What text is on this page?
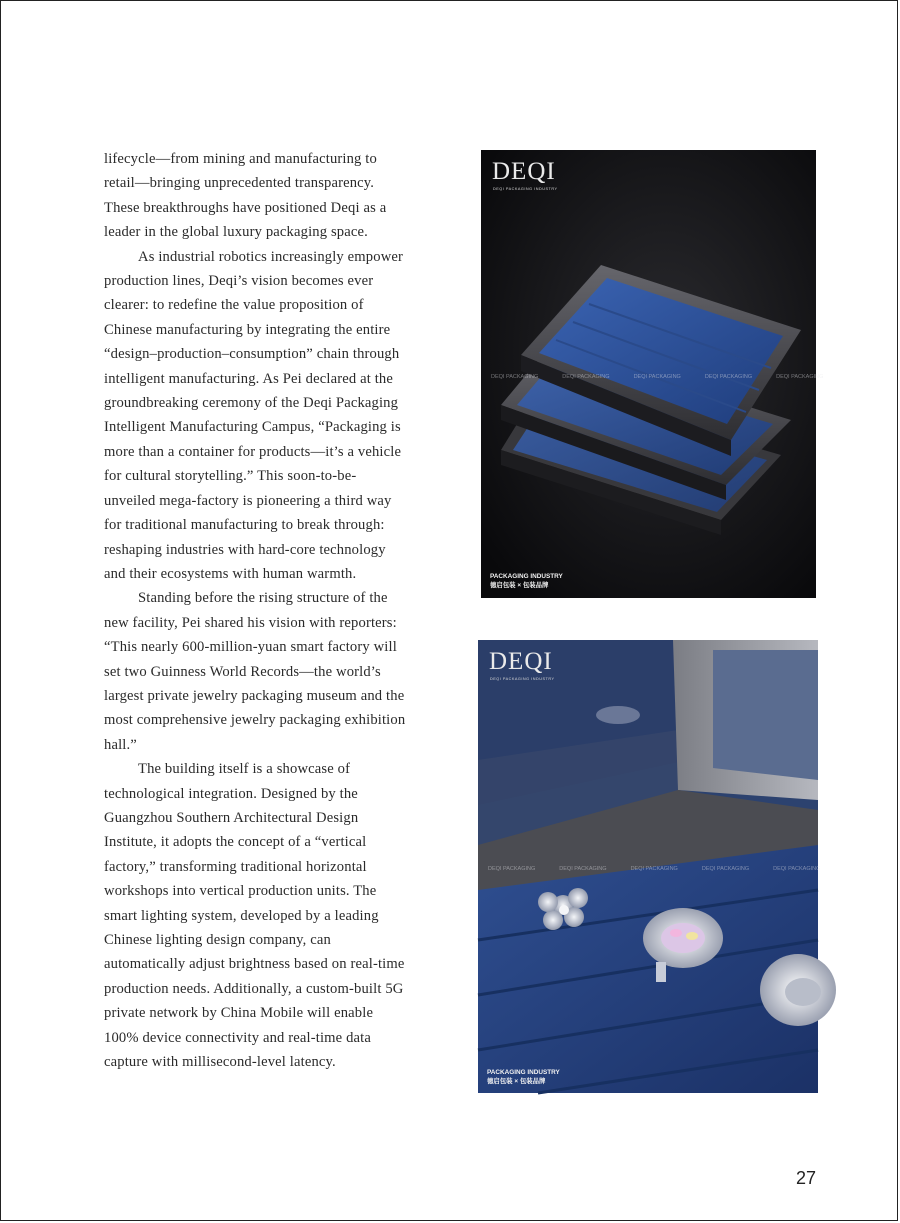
lifecycle—from mining and manufacturing to
retail—bringing unprecedented transparency.
These breakthroughs have positioned Deqi as a
leader in the global luxury packaging space.

As industrial robotics increasingly empower
production lines, Deqi’s vision becomes ever
clearer: to redefine the value proposition of
Chinese manufacturing by integrating the entire
“design–production–consumption” chain through
intelligent manufacturing. As Pei declared at the
groundbreaking ceremony of the Deqi Packaging
Intelligent Manufacturing Campus, “Packaging is
more than a container for products—it’s a vehicle
for cultural storytelling.” This soon-to-be-
unveiled mega-factory is pioneering a third way
for traditional manufacturing to break through:
reshaping industries with hard-core technology
and their ecosystems with human warmth.

Standing before the rising structure of the
new facility, Pei shared his vision with reporters:
“This nearly 600-million-yuan smart factory will
set two Guinness World Records—the world’s
largest private jewelry packaging museum and the
most comprehensive jewelry packaging exhibition
hall.”

The building itself is a showcase of
technological integration. Designed by the
Guangzhou Southern Architectural Design
Institute, it adopts the concept of a “vertical
factory,” transforming traditional horizontal
workshops into vertical production units. The
smart lighting system, developed by a leading
Chinese lighting design company, can
automatically adjust brightness based on real-time
production needs. Additionally, a custom-built 5G
private network by China Mobile will enable
100% device connectivity and real-time data
capture with millisecond-level latency.

DEQI
DEQI PACKAGING INDUSTRY
DEQI PACKAGING	DEQI PACKAGING	DEQI PACKAGING	DEQI PACKAGING	DEQI PACKAGING
PACKAGING INDUSTRY
德启包装 × 包装品牌
DEQI
DEQI PACKAGING INDUSTRY
DEQI PACKAGING	DEQI PACKAGING	DEQI PACKAGING	DEQI PACKAGING	DEQI PACKAGING
PACKAGING INDUSTRY
德启包装 × 包装品牌
27
